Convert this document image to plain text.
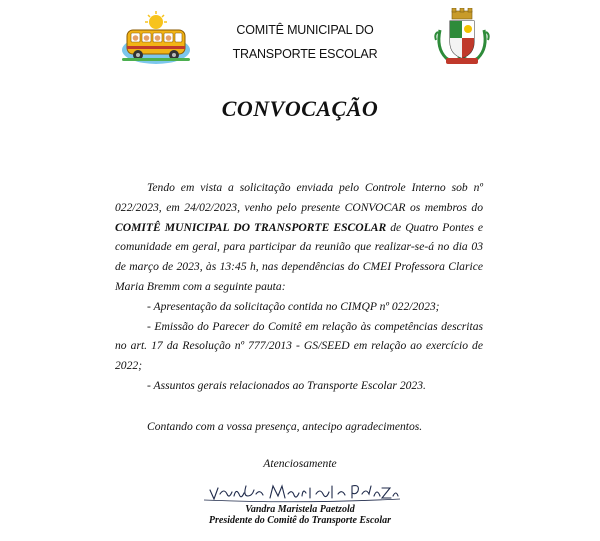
COMITÊ MUNICIPAL DO
TRANSPORTE ESCOLAR
CONVOCAÇÃO

Tendo em vista a solicitação enviada pelo Controle Interno sob nº 022/2023, em 24/02/2023, venho pelo presente CONVOCAR os membros do COMITÊ MUNICIPAL DO TRANSPORTE ESCOLAR de Quatro Pontes e comunidade em geral, para participar da reunião que realizar-se-á no dia 03 de março de 2023, às 13:45 h, nas dependências do CMEI Professora Clarice Maria Bremm com a seguinte pauta:

- Apresentação da solicitação contida no CIMQP nº 022/2023;

- Emissão do Parecer do Comitê em relação às competências descritas no art. 17 da Resolução nº 777/2013 - GS/SEED em relação ao exercício de 2022;

- Assuntos gerais relacionados ao Transporte Escolar 2023.

Contando com a vossa presença, antecipo agradecimentos.

Atenciosamente
Vandra Maristela Paetzold
Presidente do Comitê do Transporte Escolar
